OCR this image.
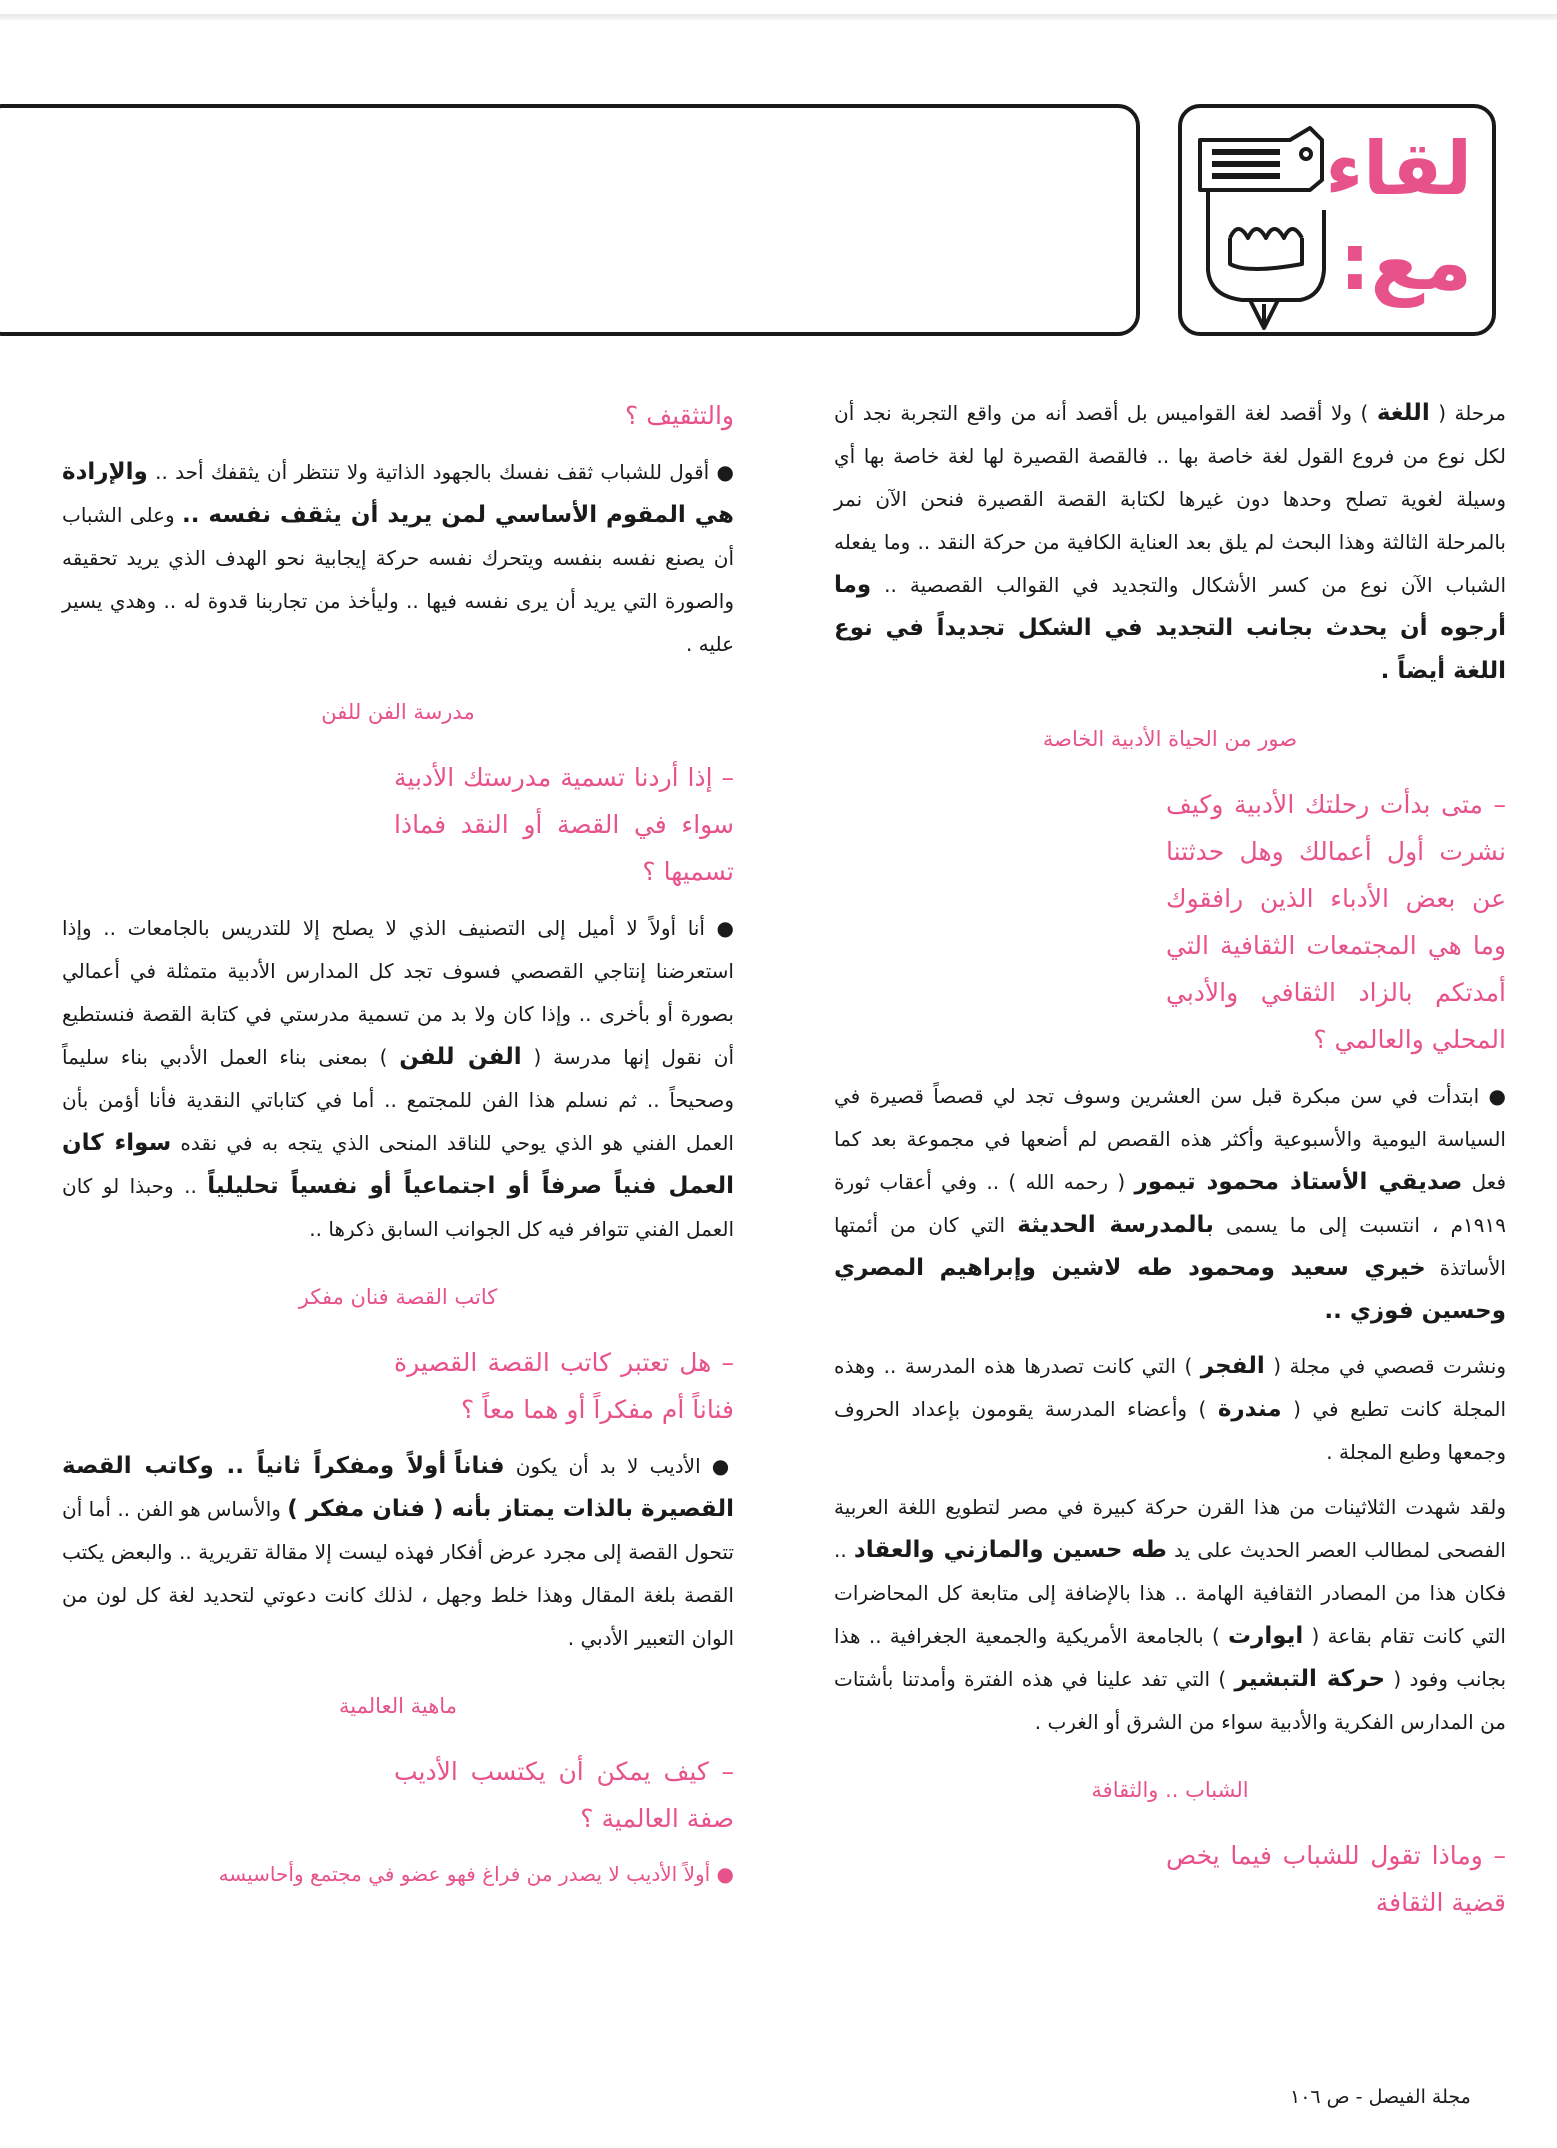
لقاء
مع:

مرحلة ( اللغة ) ولا أقصد لغة القواميس بل أقصد أنه من واقع التجربة نجد أن لكل نوع من فروع القول لغة خاصة بها .. فالقصة القصيرة لها لغة خاصة بها أي وسيلة لغوية تصلح وحدها دون غيرها لكتابة القصة القصيرة فنحن الآن نمر بالمرحلة الثالثة وهذا البحث لم يلق بعد العناية الكافية من حركة النقد .. وما يفعله الشباب الآن نوع من كسر الأشكال والتجديد في القوالب القصصية .. وما أرجوه أن يحدث بجانب التجديد في الشكل تجديداً في نوع اللغة أيضاً .

صور من الحياة الأدبية الخاصة
– متى بدأت رحلتك الأدبية وكيف نشرت أول أعمالك وهل حدثتنا عن بعض الأدباء الذين رافقوك وما هي المجتمعات الثقافية التي أمدتكم بالزاد الثقافي والأدبي المحلي والعالمي ؟

● ابتدأت في سن مبكرة قبل سن العشرين وسوف تجد لي قصصاً قصيرة في السياسة اليومية والأسبوعية وأكثر هذه القصص لم أضعها في مجموعة بعد كما فعل صديقي الأستاذ محمود تيمور ( رحمه الله ) .. وفي أعقاب ثورة ١٩١٩م ، انتسبت إلى ما يسمى بالمدرسة الحديثة التي كان من أئمتها الأساتذة خيري سعيد ومحمود طه لاشين وإبراهيم المصري وحسين فوزي ..

ونشرت قصصي في مجلة ( الفجر ) التي كانت تصدرها هذه المدرسة .. وهذه المجلة كانت تطبع في ( مندرة ) وأعضاء المدرسة يقومون بإعداد الحروف وجمعها وطبع المجلة .

ولقد شهدت الثلاثينات من هذا القرن حركة كبيرة في مصر لتطويع اللغة العربية الفصحى لمطالب العصر الحديث على يد طه حسين والمازني والعقاد .. فكان هذا من المصادر الثقافية الهامة .. هذا بالإضافة إلى متابعة كل المحاضرات التي كانت تقام بقاعة ( ايوارت ) بالجامعة الأمريكية والجمعية الجغرافية .. هذا بجانب وفود ( حركة التبشير ) التي تفد علينا في هذه الفترة وأمدتنا بأشتات من المدارس الفكرية والأدبية سواء من الشرق أو الغرب .

الشباب .. والثقافة
– وماذا تقول للشباب فيما يخص قضية الثقافة
والتثقيف ؟

● أقول للشباب ثقف نفسك بالجهود الذاتية ولا تنتظر أن يثقفك أحد .. والإرادة هي المقوم الأساسي لمن يريد أن يثقف نفسه .. وعلى الشباب أن يصنع نفسه بنفسه ويتحرك نفسه حركة إيجابية نحو الهدف الذي يريد تحقيقه والصورة التي يريد أن يرى نفسه فيها .. وليأخذ من تجاربنا قدوة له .. وهدي يسير عليه .

مدرسة الفن للفن
– إذا أردنا تسمية مدرستك الأدبية سواء في القصة أو النقد فماذا تسميها ؟

● أنا أولاً لا أميل إلى التصنيف الذي لا يصلح إلا للتدريس بالجامعات .. وإذا استعرضنا إنتاجي القصصي فسوف تجد كل المدارس الأدبية متمثلة في أعمالي بصورة أو بأخرى .. وإذا كان ولا بد من تسمية مدرستي في كتابة القصة فنستطيع أن نقول إنها مدرسة ( الفن للفن ) بمعنى بناء العمل الأدبي بناء سليماً وصحيحاً .. ثم نسلم هذا الفن للمجتمع .. أما في كتاباتي النقدية فأنا أؤمن بأن العمل الفني هو الذي يوحي للناقد المنحى الذي يتجه به في نقده سواء كان العمل فنياً صرفاً أو اجتماعياً أو نفسياً تحليلياً .. وحبذا لو كان العمل الفني تتوافر فيه كل الجوانب السابق ذكرها ..

كاتب القصة فنان مفكر
– هل تعتبر كاتب القصة القصيرة فناناً أم مفكراً أو هما معاً ؟

● الأديب لا بد أن يكون فناناً أولاً ومفكراً ثانياً .. وكاتب القصة القصيرة بالذات يمتاز بأنه ( فنان مفكر ) والأساس هو الفن .. أما أن تتحول القصة إلى مجرد عرض أفكار فهذه ليست إلا مقالة تقريرية .. والبعض يكتب القصة بلغة المقال وهذا خلط وجهل ، لذلك كانت دعوتي لتحديد لغة كل لون من الوان التعبير الأدبي .

ماهية العالمية
– كيف يمكن أن يكتسب الأديب صفة العالمية ؟
● أولاً الأديب لا يصدر من فراغ فهو عضو في مجتمع وأحاسيسه
مجلة الفيصل - ص ١٠٦
